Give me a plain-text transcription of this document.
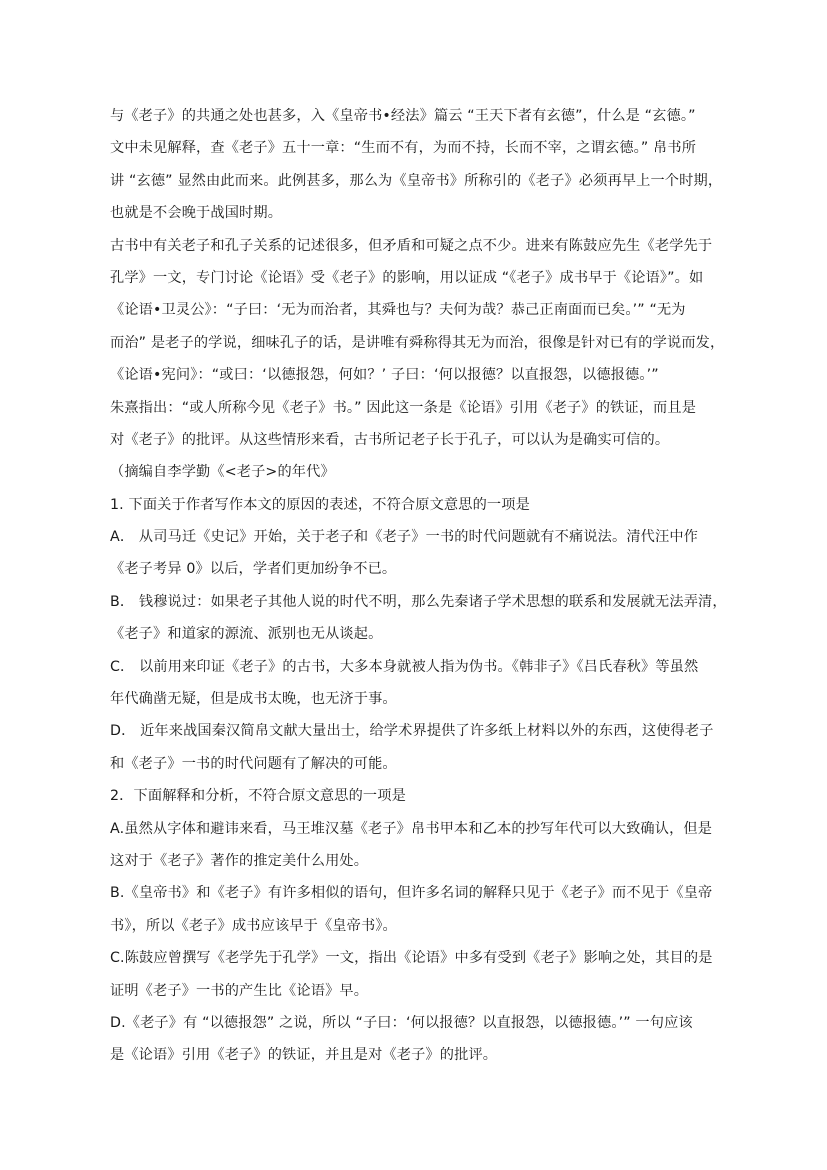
与《老子》的共通之处也甚多，入《皇帝书•经法》篇云 “王天下者有玄德”，什么是 “玄德。”
文中未见解释，查《老子》五十一章：“生而不有，为而不持，长而不宰，之谓玄德。” 帛书所
讲 “玄德” 显然由此而来。此例甚多，那么为《皇帝书》所称引的《老子》必须再早上一个时期，
也就是不会晚于战国时期。
古书中有关老子和孔子关系的记述很多，但矛盾和可疑之点不少。进来有陈鼓应先生《老学先于
孔学》一文，专门讨论《论语》受《老子》的影响，用以证成 “《老子》成书早于《论语》”。如
《论语•卫灵公》：“子曰：‘无为而治者，其舜也与？夫何为哉？恭己正南面而已矣。’” “无为
而治” 是老子的学说，细味孔子的话，是讲唯有舜称得其无为而治，很像是针对已有的学说而发，
《论语•宪问》：“或曰：‘以德报怨，何如？’ 子曰：‘何以报德？以直报怨，以德报德。’”
朱熹指出：“或人所称今见《老子》书。” 因此这一条是《论语》引用《老子》的铁证，而且是
对《老子》的批评。从这些情形来看，古书所记老子长于孔子，可以认为是确实可信的。
（摘编自李学勤《<老子>的年代》
1. 下面关于作者写作本文的原因的表述，不符合原文意思的一项是
A． 从司马迁《史记》开始，关于老子和《老子》一书的时代问题就有不痛说法。清代汪中作
《老子考异 0》以后，学者们更加纷争不已。
B． 钱穆说过：如果老子其他人说的时代不明，那么先秦诸子学术思想的联系和发展就无法弄清，
《老子》和道家的源流、派别也无从谈起。
C． 以前用来印证《老子》的古书，大多本身就被人指为伪书。《韩非子》《吕氏春秋》等虽然
年代确凿无疑，但是成书太晚，也无济于事。
D． 近年来战国秦汉简帛文献大量出士，给学术界提供了许多纸上材料以外的东西，这使得老子
和《老子》一书的时代问题有了解决的可能。
2．下面解释和分析，不符合原文意思的一项是
A.虽然从字体和避讳来看，马王堆汉墓《老子》帛书甲本和乙本的抄写年代可以大致确认，但是
这对于《老子》著作的推定美什么用处。
B.《皇帝书》和《老子》有许多相似的语句，但许多名词的解释只见于《老子》而不见于《皇帝
书》，所以《老子》成书应该早于《皇帝书》。
C.陈鼓应曾撰写《老学先于孔学》一文，指出《论语》中多有受到《老子》影响之处，其目的是
证明《老子》一书的产生比《论语》早。
D.《老子》有 “以德报怨” 之说，所以 “子曰：‘何以报德？以直报怨，以德报德。’” 一句应该
是《论语》引用《老子》的铁证，并且是对《老子》的批评。
